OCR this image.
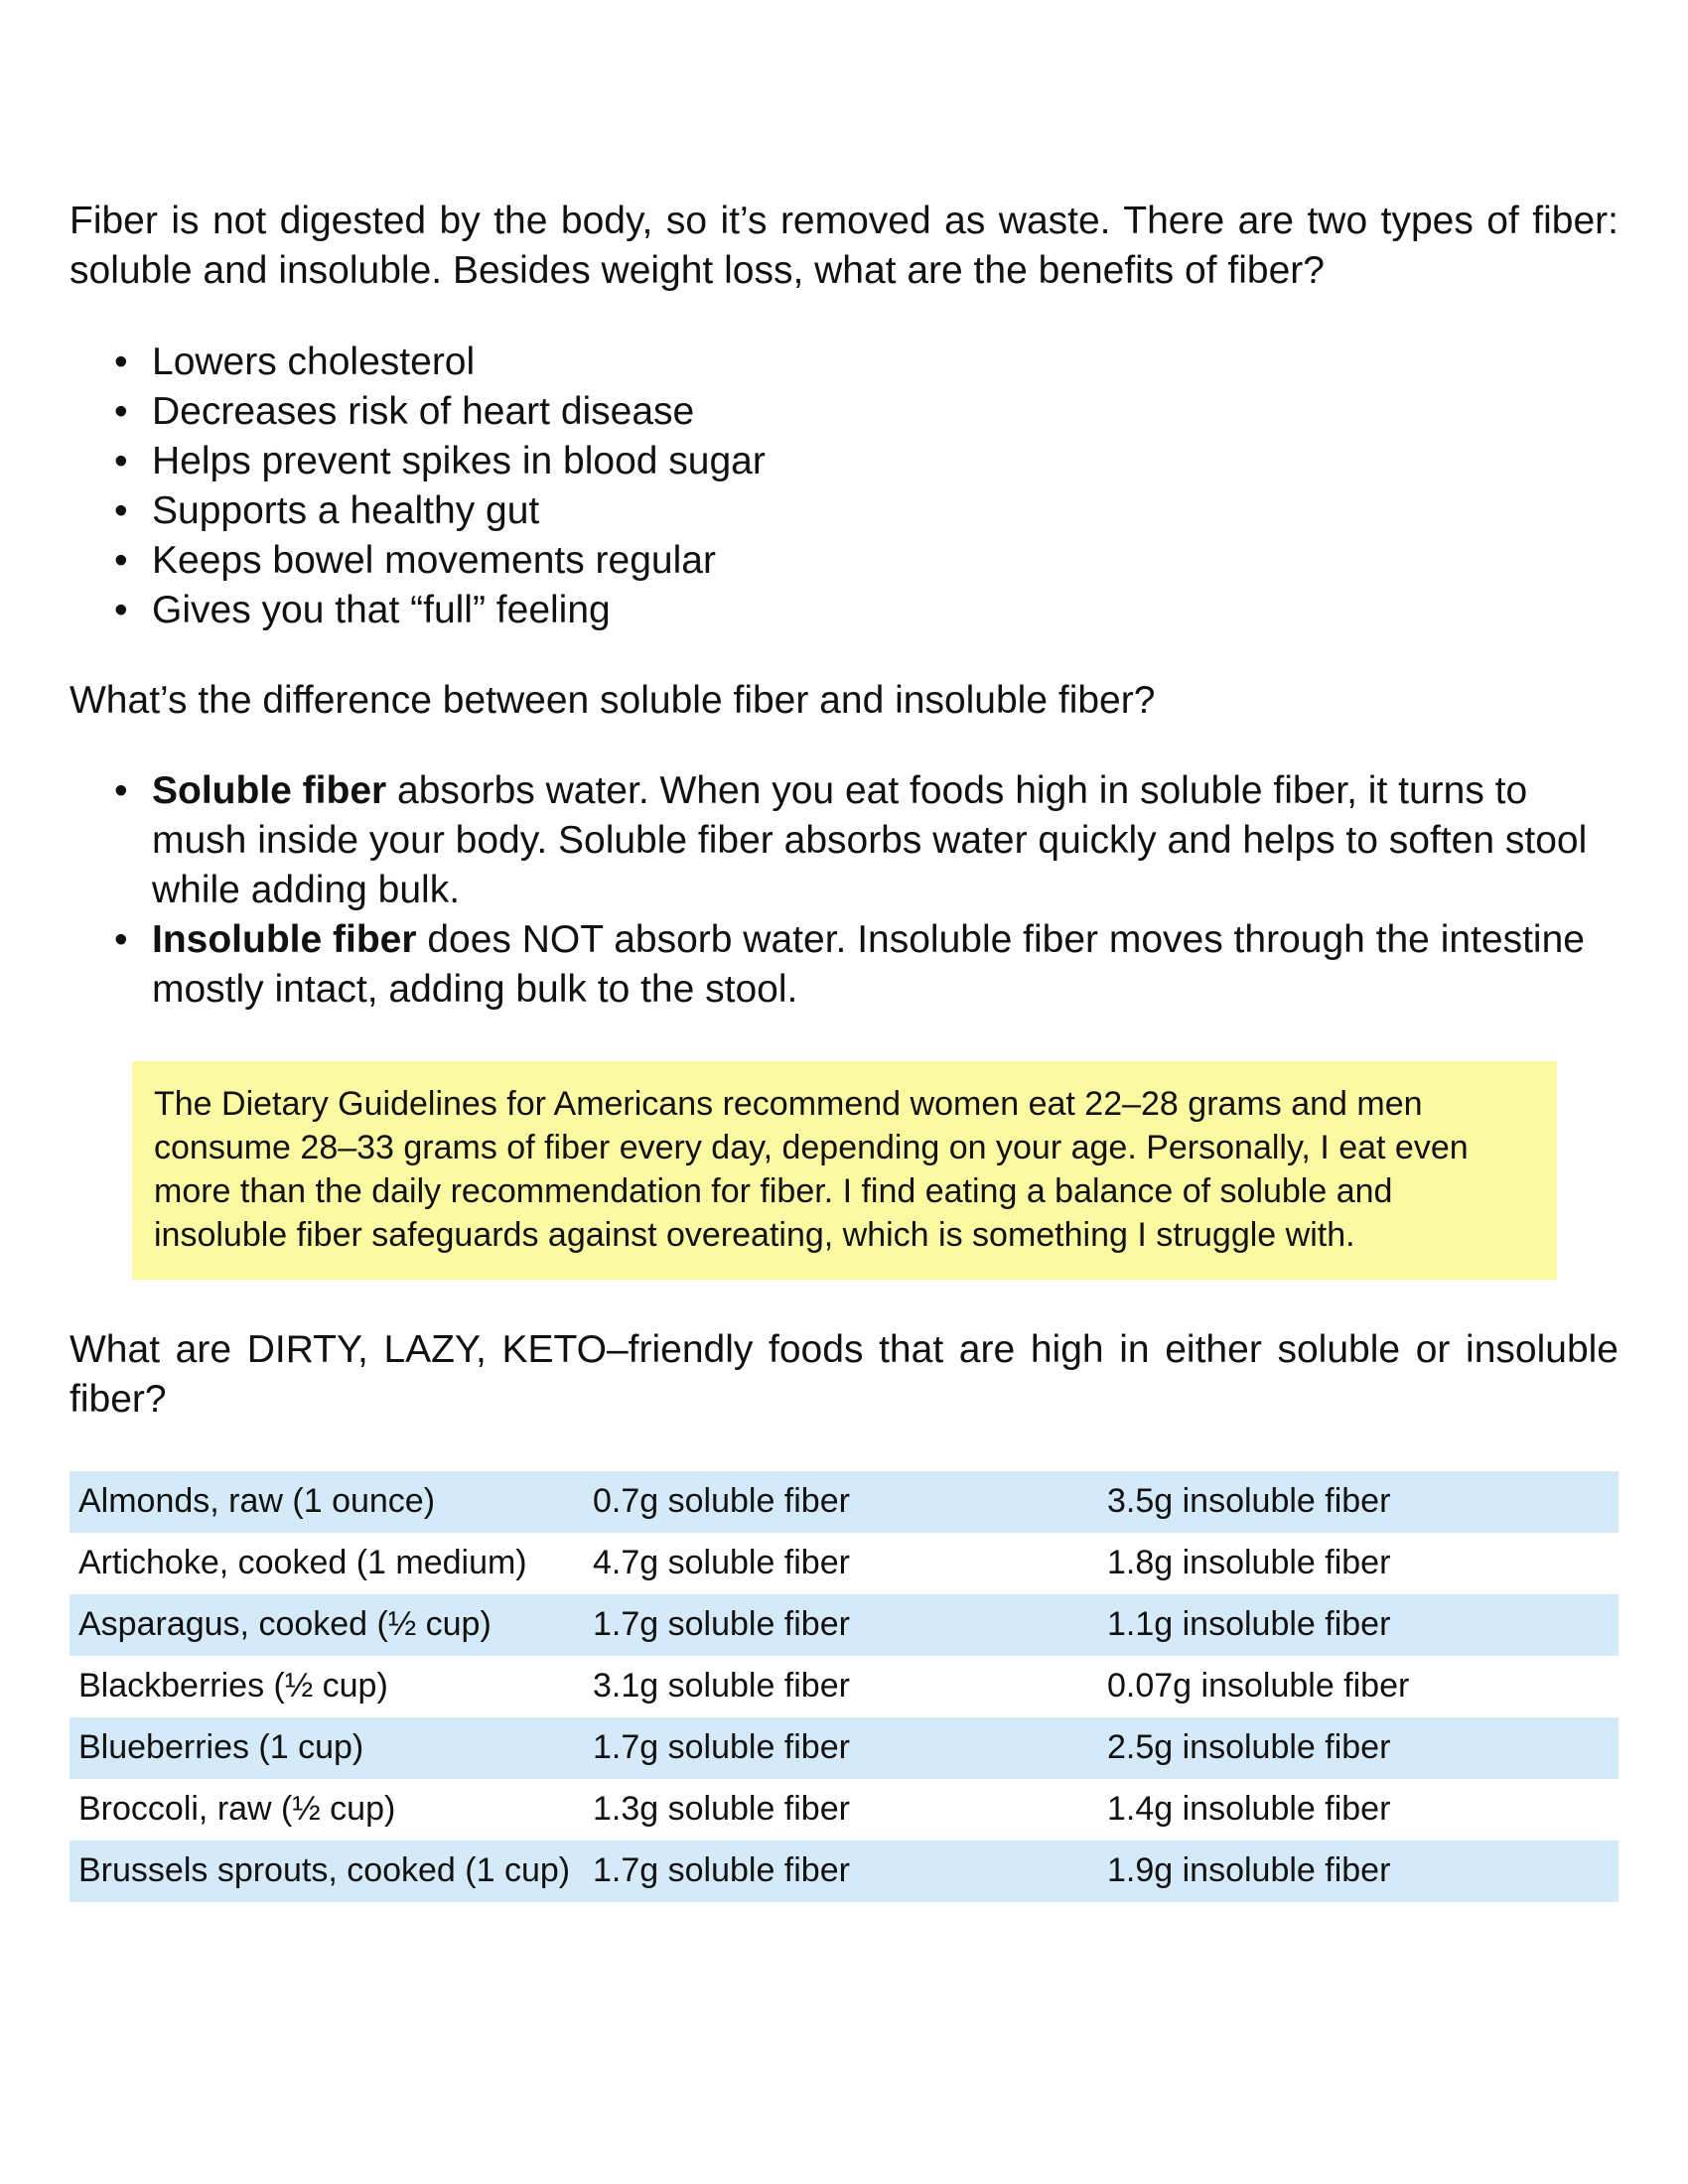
Fiber is not digested by the body, so it’s removed as waste. There are two types of fiber: soluble and insoluble. Besides weight loss, what are the benefits of fiber?

• Lowers cholesterol
• Decreases risk of heart disease
• Helps prevent spikes in blood sugar
• Supports a healthy gut
• Keeps bowel movements regular
• Gives you that “full” feeling

What’s the difference between soluble fiber and insoluble fiber?

• Soluble fiber absorbs water. When you eat foods high in soluble fiber, it turns to mush inside your body. Soluble fiber absorbs water quickly and helps to soften stool while adding bulk.
• Insoluble fiber does NOT absorb water. Insoluble fiber moves through the intestine mostly intact, adding bulk to the stool.

The Dietary Guidelines for Americans recommend women eat 22–28 grams and men consume 28–33 grams of fiber every day, depending on your age. Personally, I eat even more than the daily recommendation for fiber. I find eating a balance of soluble and insoluble fiber safeguards against overeating, which is something I struggle with.

What are DIRTY, LAZY, KETO–friendly foods that are high in either soluble or insoluble fiber?

Almonds, raw (1 ounce)	0.7g soluble fiber	3.5g insoluble fiber
Artichoke, cooked (1 medium)	4.7g soluble fiber	1.8g insoluble fiber
Asparagus, cooked (½ cup)	1.7g soluble fiber	1.1g insoluble fiber
Blackberries (½ cup)	3.1g soluble fiber	0.07g insoluble fiber
Blueberries (1 cup)	1.7g soluble fiber	2.5g insoluble fiber
Broccoli, raw (½ cup)	1.3g soluble fiber	1.4g insoluble fiber
Brussels sprouts, cooked (1 cup)	1.7g soluble fiber	1.9g insoluble fiber
